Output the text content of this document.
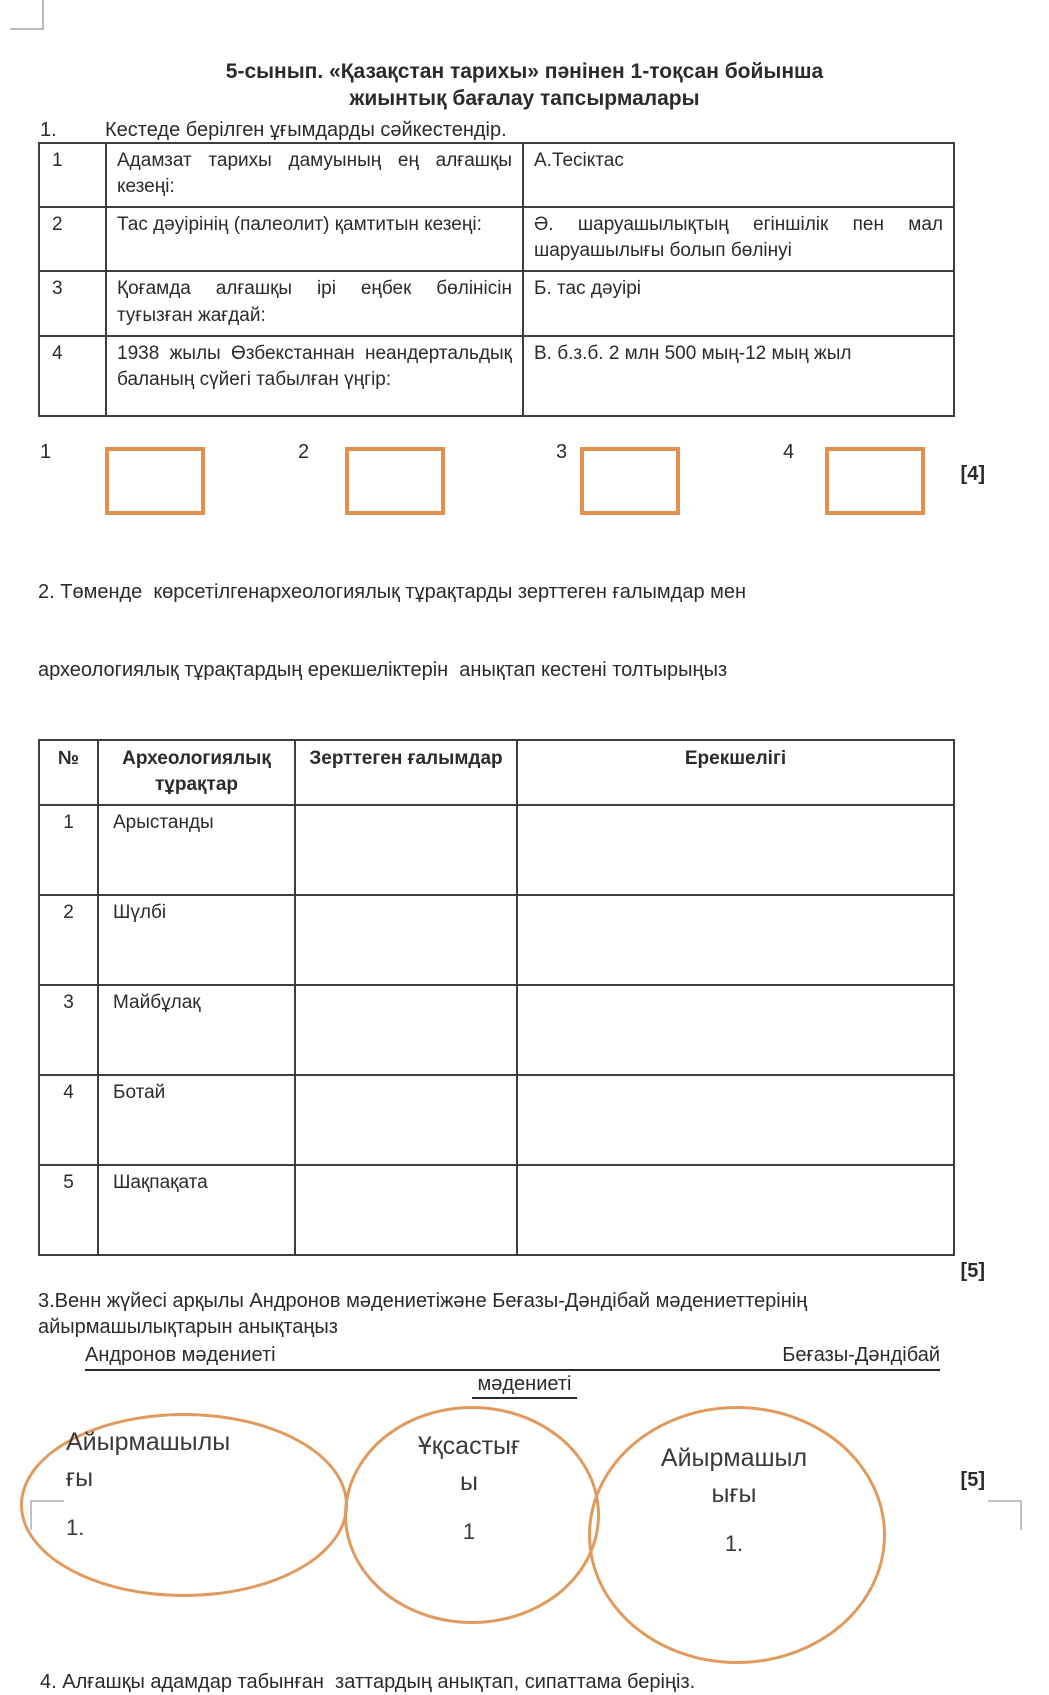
5-сынып. «Қазақстан тарихы» пәнінен 1-тоқсан бойынша
жиынтық бағалау тапсырмалары
1.	Кестеде берілген ұғымдарды сәйкестендір.
1	Адамзат тарихы дамуының ең алғашқы кезеңі:	А.Тесіктас
2	Тас дәуірінің (палеолит) қамтитын кезеңі:	Ә. шаруашылықтың егіншілік пен мал шаруашылығы болып бөлінуі
3	Қоғамда алғашқы ірі еңбек бөлінісін туғызған жағдай:	Б. тас дәуірі
4	1938 жылы Өзбекстаннан неандертальдық баланың сүйегі табылған үңгір:	В. б.з.б. 2 млн 500 мың-12 мың жыл
1	2	3	4
[4]

2. Төменде  көрсетілгенархеологиялық тұрақтарды зерттеген ғалымдар мен

археологиялық тұрақтардың ерекшеліктерін  анықтап кестені толтырыңыз

№	Археологиялық тұрақтар	Зерттеген ғалымдар	Ерекшелігі
1	Арыстанды		
2	Шүлбі		
3	Майбұлақ		
4	Ботай		
5	Шақпақата		
[5]
3.Венн жүйесі арқылы Андронов мәдениетіжәне Беғазы-Дәндібай мәдениеттерінің
айырмашылықтарын анықтаңыз
Андронов мәдениеті	Беғазы-Дәндібай
мәдениеті
Айырмашылы
ғы
1.
Ұқсастығ
ы
1
Айырмашыл
ығы
1.
[5]
4. Алғашқы адамдар табынған  заттардың анықтап, сипаттама беріңіз.
